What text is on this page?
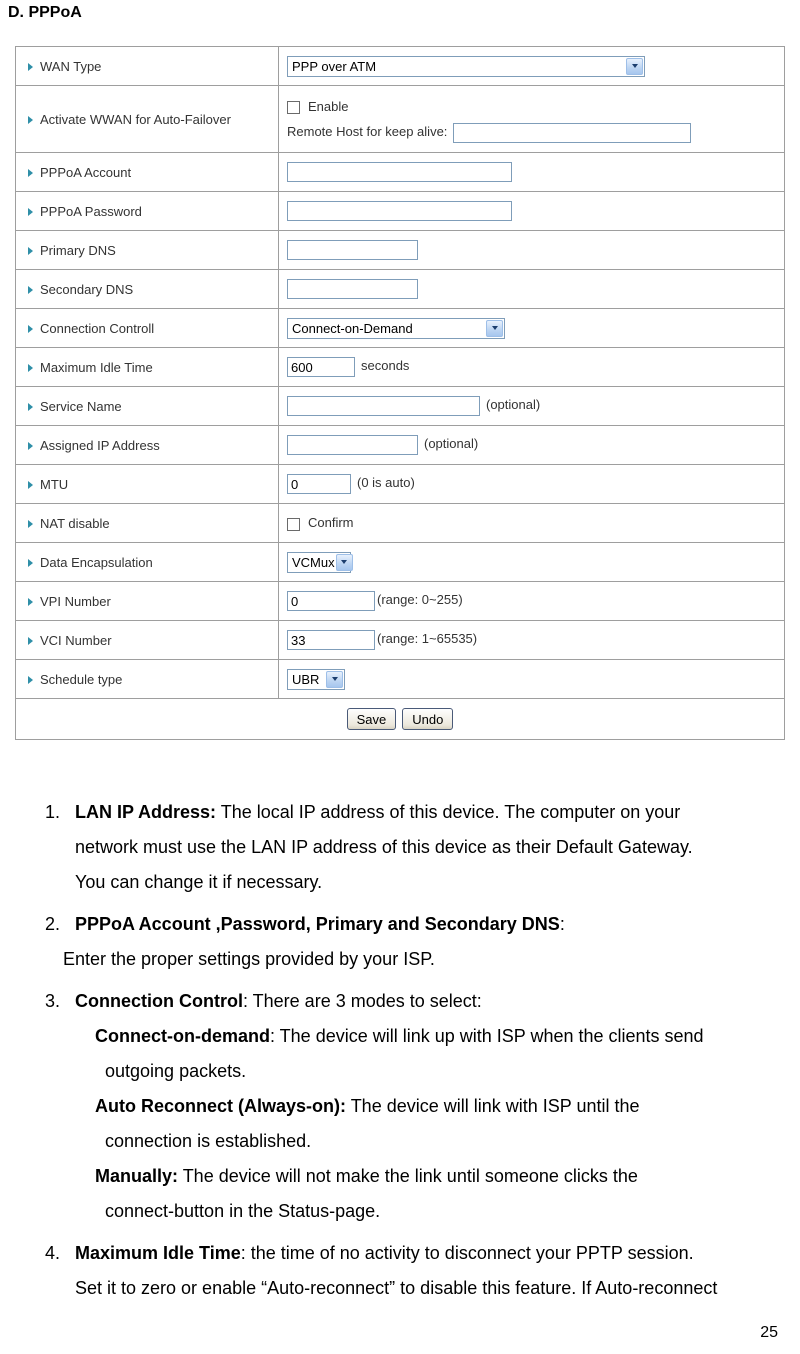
D. PPPoA
WAN Type	PPP over ATM

Activate WWAN for Auto-Failover	Enable
Remote Host for keep alive:

PPPoA Account	
PPPoA Password	
Primary DNS	
Secondary DNS	
Connection Controll	Connect-on-Demand

Maximum Idle Time	600seconds
Service Name	(optional)
Assigned IP Address	(optional)
MTU	0(0 is auto)
NAT disable	Confirm
Data Encapsulation	VCMux

VPI Number	0(range: 0~255)
VCI Number	33(range: 1~65535)
Schedule type	UBR

Save Undo	
1. LAN IP Address: The local IP address of this device. The computer on your
network must use the LAN IP address of this device as their Default Gateway.
You can change it if necessary.
2. PPPoA Account ,Password, Primary and Secondary DNS:
Enter the proper settings provided by your ISP.
3. Connection Control: There are 3 modes to select:
Connect-on-demand: The device will link up with ISP when the clients send
outgoing packets.
Auto Reconnect (Always-on): The device will link with ISP until the
connection is established.
Manually: The device will not make the link until someone clicks the
connect-button in the Status-page.
4. Maximum Idle Time: the time of no activity to disconnect your PPTP session.
Set it to zero or enable “Auto-reconnect” to disable this feature. If Auto-reconnect
25
